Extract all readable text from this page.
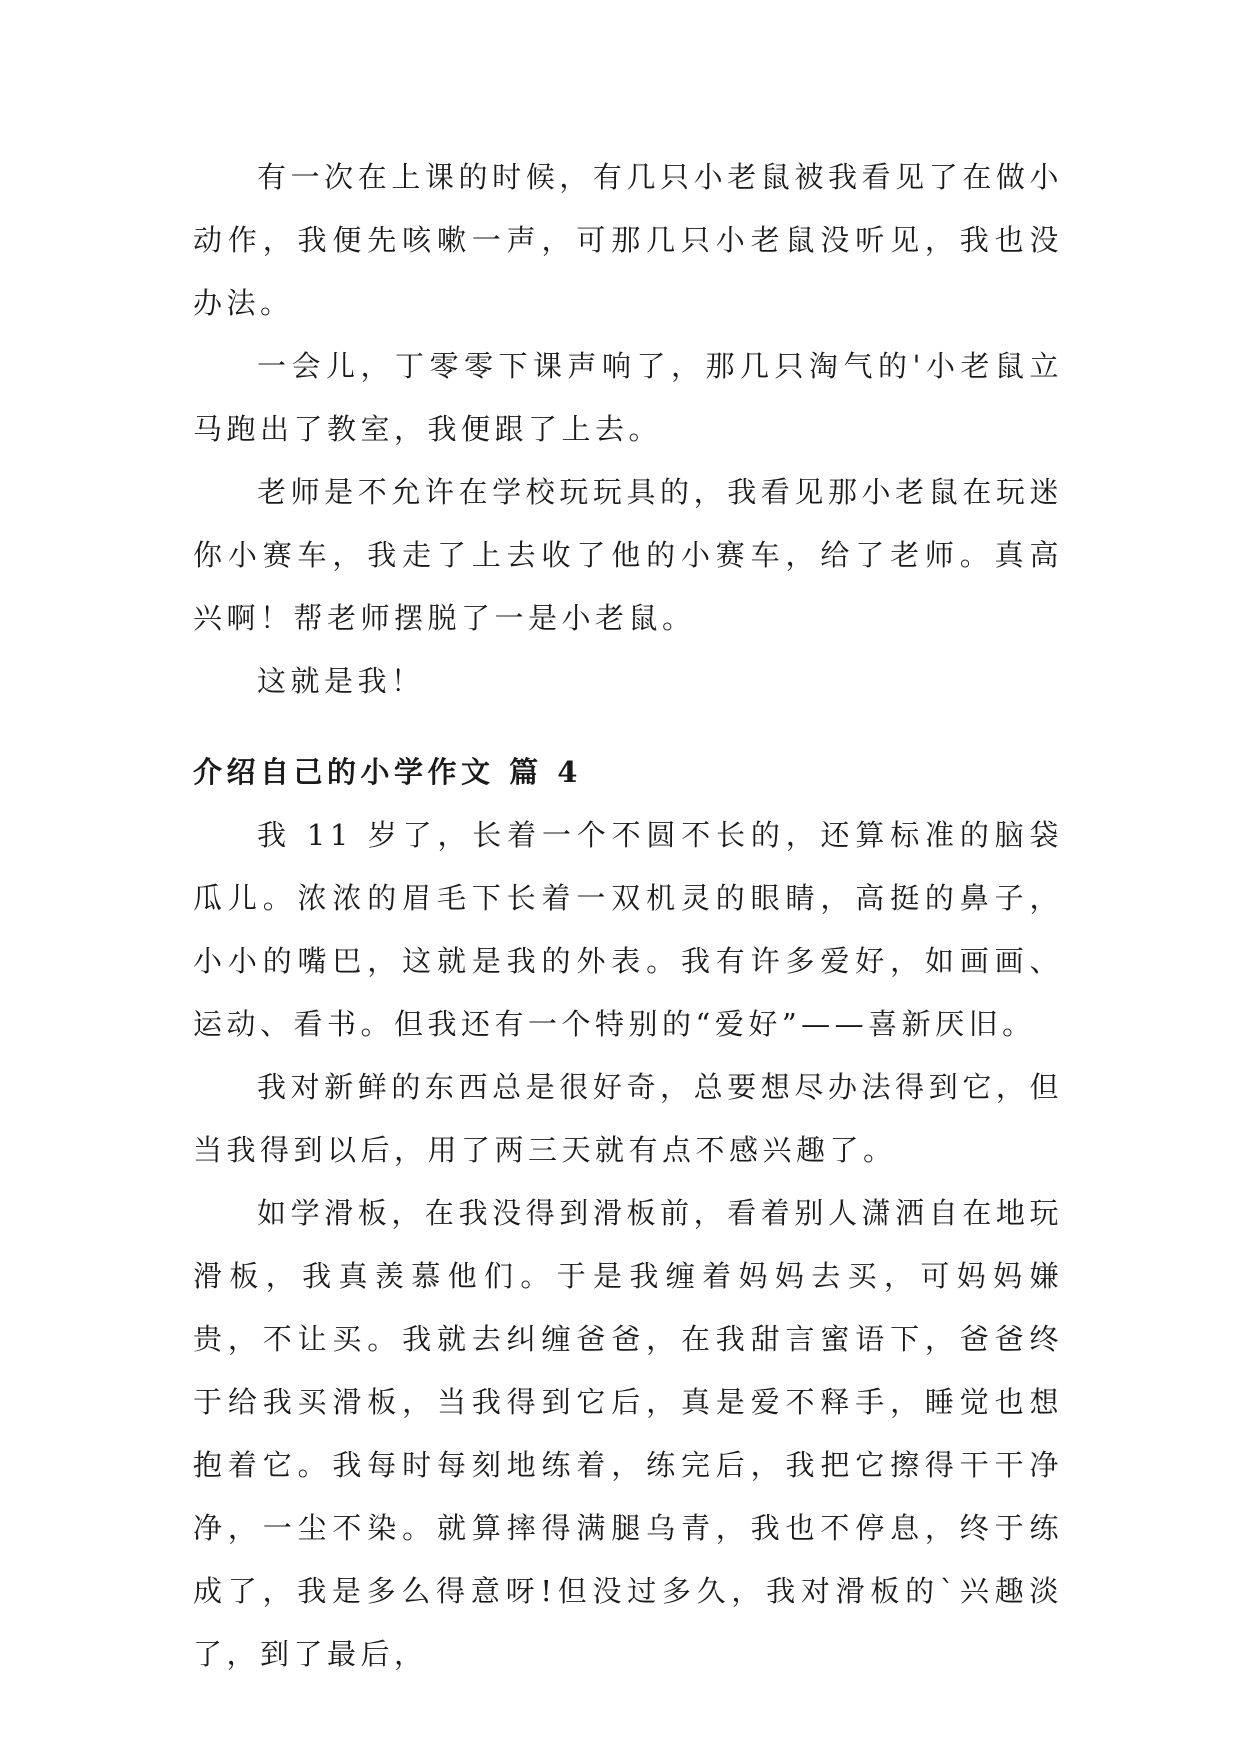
有一次在上课的时候，有几只小老鼠被我看见了在做小动作，我便先咳嗽一声，可那几只小老鼠没听见，我也没办法。

一会儿，丁零零下课声响了，那几只淘气的'小老鼠立马跑出了教室，我便跟了上去。

老师是不允许在学校玩玩具的，我看见那小老鼠在玩迷你小赛车，我走了上去收了他的小赛车，给了老师。真高兴啊！帮老师摆脱了一是小老鼠。

这就是我！

介绍自己的小学作文 篇 4

我 11 岁了，长着一个不圆不长的，还算标准的脑袋瓜儿。浓浓的眉毛下长着一双机灵的眼睛，高挺的鼻子，小小的嘴巴，这就是我的外表。我有许多爱好，如画画、运动、看书。但我还有一个特别的“爱好”——喜新厌旧。

我对新鲜的东西总是很好奇，总要想尽办法得到它，但当我得到以后，用了两三天就有点不感兴趣了。

如学滑板，在我没得到滑板前，看着别人潇洒自在地玩滑板，我真羡慕他们。于是我缠着妈妈去买，可妈妈嫌贵，不让买。我就去纠缠爸爸，在我甜言蜜语下，爸爸终于给我买滑板，当我得到它后，真是爱不释手，睡觉也想抱着它。我每时每刻地练着，练完后，我把它擦得干干净净，一尘不染。就算摔得满腿乌青，我也不停息，终于练成了，我是多么得意呀!但没过多久，我对滑板的`兴趣淡了，到了最后，
